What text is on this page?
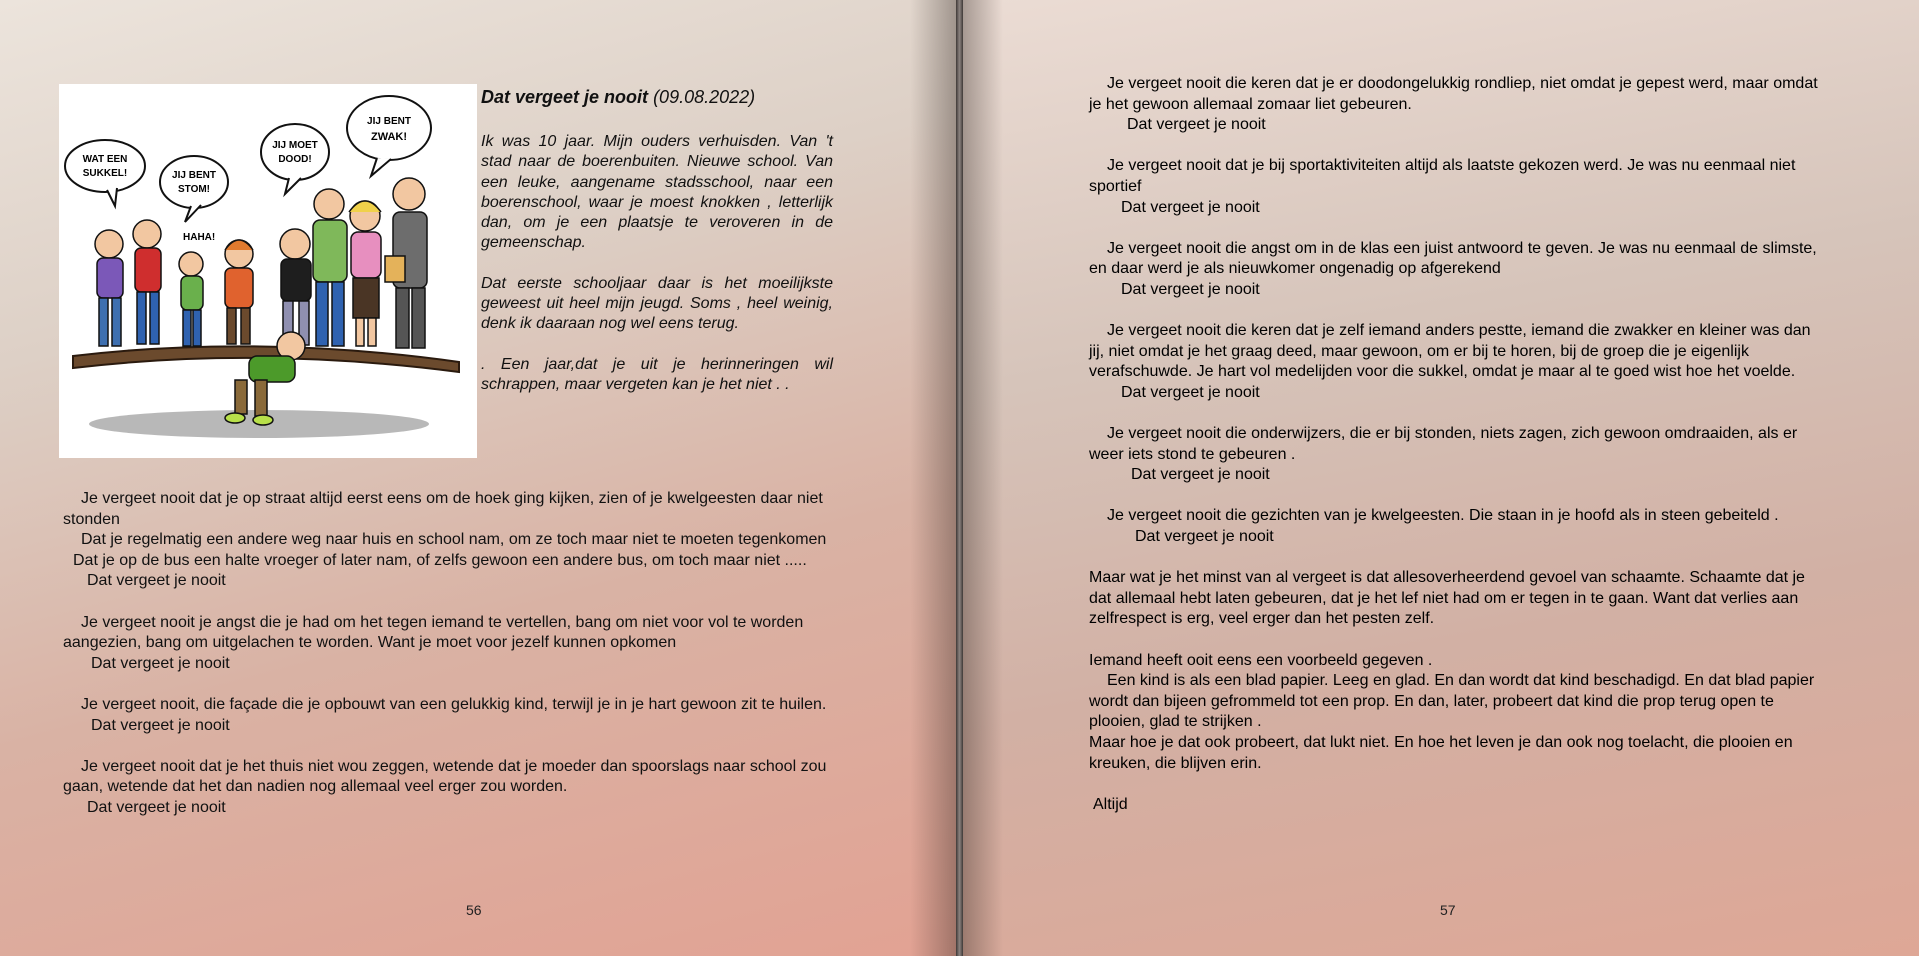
WAT EEN
SUKKEL!	JIJ BENT
STOM!
JIJ MOET
DOOD!
JIJ BENT
ZWAK!
HAHA!
Dat vergeet je nooit (09.08.2022)

Ik was 10 jaar. Mijn ouders verhuisden. Van 't stad naar de boerenbuiten. Nieuwe school. Van een leuke, aangename stadsschool, naar een boerenschool, waar je moest knokken , letterlijk dan, om je een plaatsje te veroveren in de gemeenschap.

Dat eerste schooljaar daar is het moeilijkste geweest uit heel mijn jeugd. Soms , heel weinig, denk ik daaraan nog wel eens terug.

. Een jaar,dat je uit je herinneringen wil schrappen, maar vergeten kan je het niet . .

Je vergeet nooit dat je op straat altijd eerst eens om de hoek ging kijken, zien of je kwelgeesten daar niet stonden
Dat je regelmatig een andere weg naar huis en school nam, om ze toch maar niet te moeten tegenkomen
Dat je op de bus een halte vroeger of later nam, of zelfs gewoon een andere bus, om toch maar niet .....
Dat vergeet je nooit

Je vergeet nooit je angst die je had om het tegen iemand te vertellen, bang om niet voor vol te worden aangezien, bang om uitgelachen te worden. Want je moet voor jezelf kunnen opkomen
Dat vergeet je nooit

Je vergeet nooit, die façade die je opbouwt van een gelukkig kind, terwijl je in je hart gewoon zit te huilen.
Dat vergeet je nooit

Je vergeet nooit dat je het thuis niet wou zeggen, wetende dat je moeder dan spoorslags naar school zou gaan, wetende dat het dan nadien nog allemaal veel erger zou worden.
Dat vergeet je nooit

56	57

Je vergeet nooit die keren dat je er doodongelukkig rondliep, niet omdat je gepest werd, maar omdat je het gewoon allemaal zomaar liet gebeuren.
Dat vergeet je nooit

Je vergeet nooit dat je bij sportaktiviteiten altijd als laatste gekozen werd. Je was nu eenmaal niet sportief
Dat vergeet je nooit

Je vergeet nooit die angst om in de klas een juist antwoord te geven. Je was nu eenmaal de slimste, en daar werd je als nieuwkomer ongenadig op afgerekend
Dat vergeet je nooit

Je vergeet nooit die keren dat je zelf iemand anders pestte, iemand die zwakker en kleiner was dan jij, niet omdat je het graag deed, maar gewoon, om er bij te horen, bij de groep die je eigenlijk verafschuwde. Je hart vol medelijden voor die sukkel, omdat je maar al te goed wist hoe het voelde.
Dat vergeet je nooit

Je vergeet nooit die onderwijzers, die er bij stonden, niets zagen, zich gewoon omdraaiden, als er weer iets stond te gebeuren .
Dat vergeet je nooit

Je vergeet nooit die gezichten van je kwelgeesten. Die staan in je hoofd als in steen gebeiteld .
Dat vergeet je nooit

Maar wat je het minst van al vergeet is dat allesoverheerdend gevoel van schaamte. Schaamte dat je dat allemaal hebt laten gebeuren, dat je het lef niet had om er tegen in te gaan. Want dat verlies aan zelfrespect is erg, veel erger dan het pesten zelf.

Iemand heeft ooit eens een voorbeeld gegeven .
Een kind is als een blad papier. Leeg en glad. En dan wordt dat kind beschadigd. En dat blad papier wordt dan bijeen gefrommeld tot een prop. En dan, later, probeert dat kind die prop terug open te plooien, glad te strijken .
Maar hoe je dat ook probeert, dat lukt niet. En hoe het leven je dan ook nog toelacht, die plooien en kreuken, die blijven erin.

Altijd
